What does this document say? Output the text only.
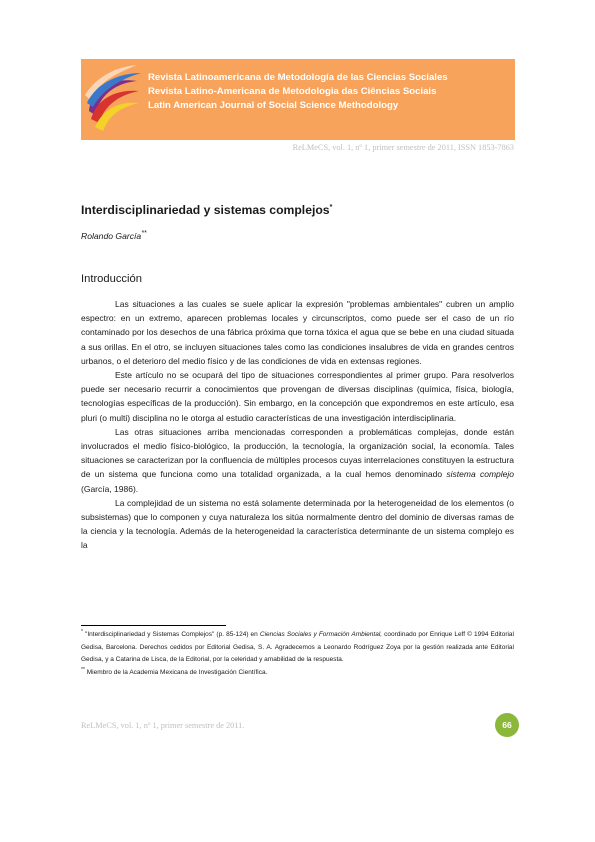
Revista Latinoamericana de Metodología de las Ciencias Sociales
Revista Latino-Americana de Metodologia das Ciências Sociais
Latin American Journal of Social Science Methodology
ReLMeCS, vol. 1, nº 1, primer semestre de 2011, ISSN 1853-7863
Interdisciplinariedad y sistemas complejos*
Rolando García**
Introducción

Las situaciones a las cuales se suele aplicar la expresión "problemas ambientales" cubren un amplio espectro: en un extremo, aparecen problemas locales y circunscriptos, como puede ser el caso de un río contaminado por los desechos de una fábrica próxima que torna tóxica el agua que se bebe en una ciudad situada a sus orillas. En el otro, se incluyen situaciones tales como las condiciones insalubres de vida en grandes centros urbanos, o el deterioro del medio físico y de las condiciones de vida en extensas regiones.

Este artículo no se ocupará del tipo de situaciones correspondientes al primer grupo. Para resolverlos puede ser necesario recurrir a conocimientos que provengan de diversas disciplinas (química, física, biología, tecnologías específicas de la producción). Sin embargo, en la concepción que expondremos en este artículo, esa pluri (o multi) disciplina no le otorga al estudio características de una investigación interdisciplinaria.

Las otras situaciones arriba mencionadas corresponden a problemáticas complejas, donde están involucrados el medio físico-biológico, la producción, la tecnología, la organización social, la economía. Tales situaciones se caracterizan por la confluencia de múltiples procesos cuyas interrelaciones constituyen la estructura de un sistema que funciona como una totalidad organizada, a la cual hemos denominado sistema complejo (García, 1986).

La complejidad de un sistema no está solamente determinada por la heterogeneidad de los elementos (o subsistemas) que lo componen y cuya naturaleza los sitúa normalmente dentro del dominio de diversas ramas de la ciencia y la tecnología. Además de la heterogeneidad la característica determinante de un sistema complejo es la

* "Interdisciplinariedad y Sistemas Complejos" (p. 85-124) en Ciencias Sociales y Formación Ambiental, coordinado por Enrique Leff © 1994 Editorial Gedisa, Barcelona. Derechos cedidos por Editorial Gedisa, S. A. Agradecemos a Leonardo Rodríguez Zoya por la gestión realizada ante Editorial Gedisa, y a Catarina de Lisca, de la Editorial, por la celeridad y amabilidad de la respuesta.

** Miembro de la Academia Mexicana de Investigación Científica.

ReLMeCS, vol. 1, nº 1, primer semestre de 2011.	66
